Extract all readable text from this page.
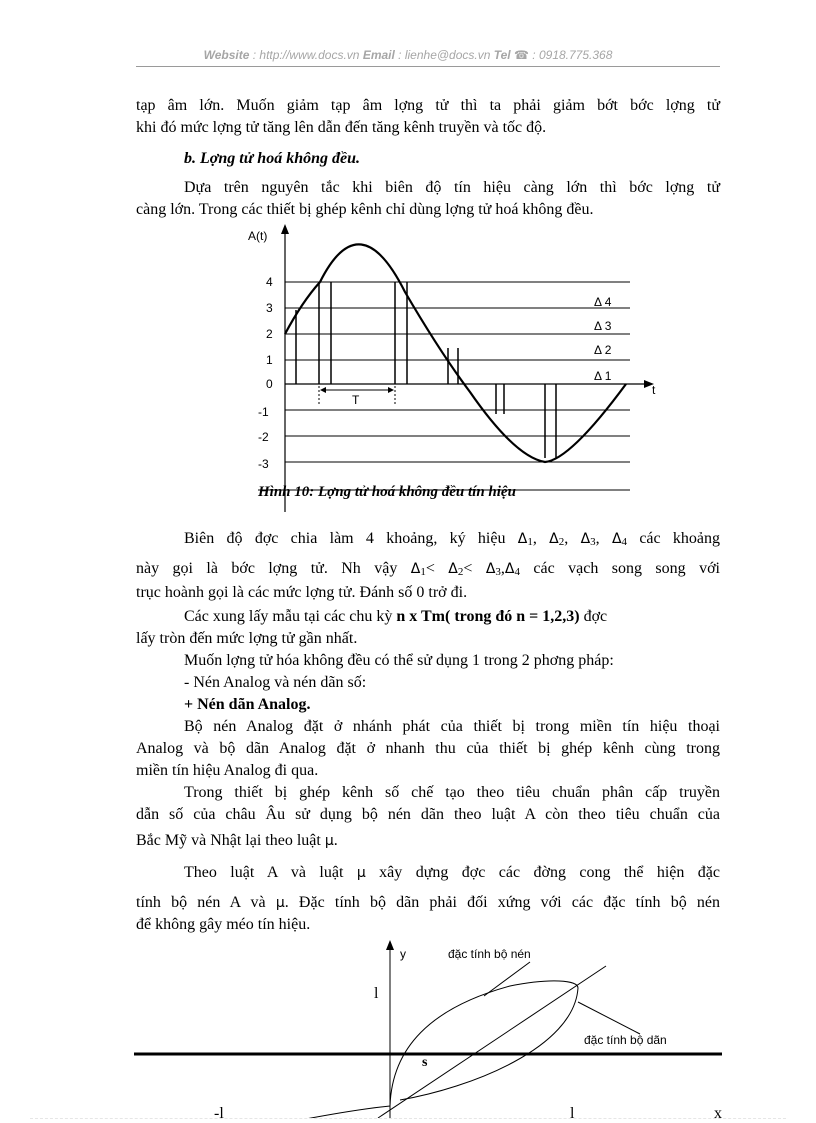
Website : http://www.docs.vn Email : lienhe@docs.vn Tel ☎ : 0918.775.368
tạp âm lớn. Muốn giảm tạp âm lợng tử thì ta phải giảm bớt bớc lợng tử
khi đó mức lợng tử tăng lên dẫn đến tăng kênh truyền và tốc độ.
b. Lợng tử hoá không đều.
Dựa trên nguyên tắc khi biên độ tín hiệu càng lớn thì bớc lợng tử
càng lớn. Trong các thiết bị ghép kênh chỉ dùng lợng tử hoá không đều.
T
A(t)
t
4
3
2
1
0
-1
-2
-3
Δ 4
Δ 3
Δ 2
Δ 1
Hình 10: Lợng tử hoá không đều tín hiệu
Biên độ đợc chia làm 4 khoảng, ký hiệu Δ1, Δ2, Δ3, Δ4 các khoảng
này gọi là bớc lợng tử. Nh vậy Δ1< Δ2< Δ3,Δ4 các vạch song song với
trục hoành gọi là các mức lợng tử. Đánh số 0 trở đi.
Các xung lấy mẫu tại các chu kỳ n x Tm( trong đó n = 1,2,3) đợc
lấy tròn đến mức lợng tử gần nhất.
Muốn lợng tử hóa không đều có thể sử dụng 1 trong 2 phơng pháp:
- Nén Analog và nén dãn số:
+ Nén dãn Analog.
Bộ nén Analog đặt ở nhánh phát của thiết bị trong miền tín hiệu thoại
Analog và bộ dãn Analog đặt ở nhanh thu của thiết bị ghép kênh cùng trong
miền tín hiệu Analog đi qua.
Trong thiết bị ghép kênh số chế tạo theo tiêu chuẩn phân cấp truyền
dẫn số của châu Âu sử dụng bộ nén dãn theo luật A còn theo tiêu chuẩn của
Bắc Mỹ và Nhật lại theo luật μ.
Theo luật A và luật μ xây dựng đợc các đờng cong thể hiện đặc
tính bộ nén A và μ. Đặc tính bộ dãn phải đối xứng với các đặc tính bộ nén
để không gây méo tín hiệu.
y	đặc tính bộ nén
đặc tính bộ dãn
l
s
-l	l	x
